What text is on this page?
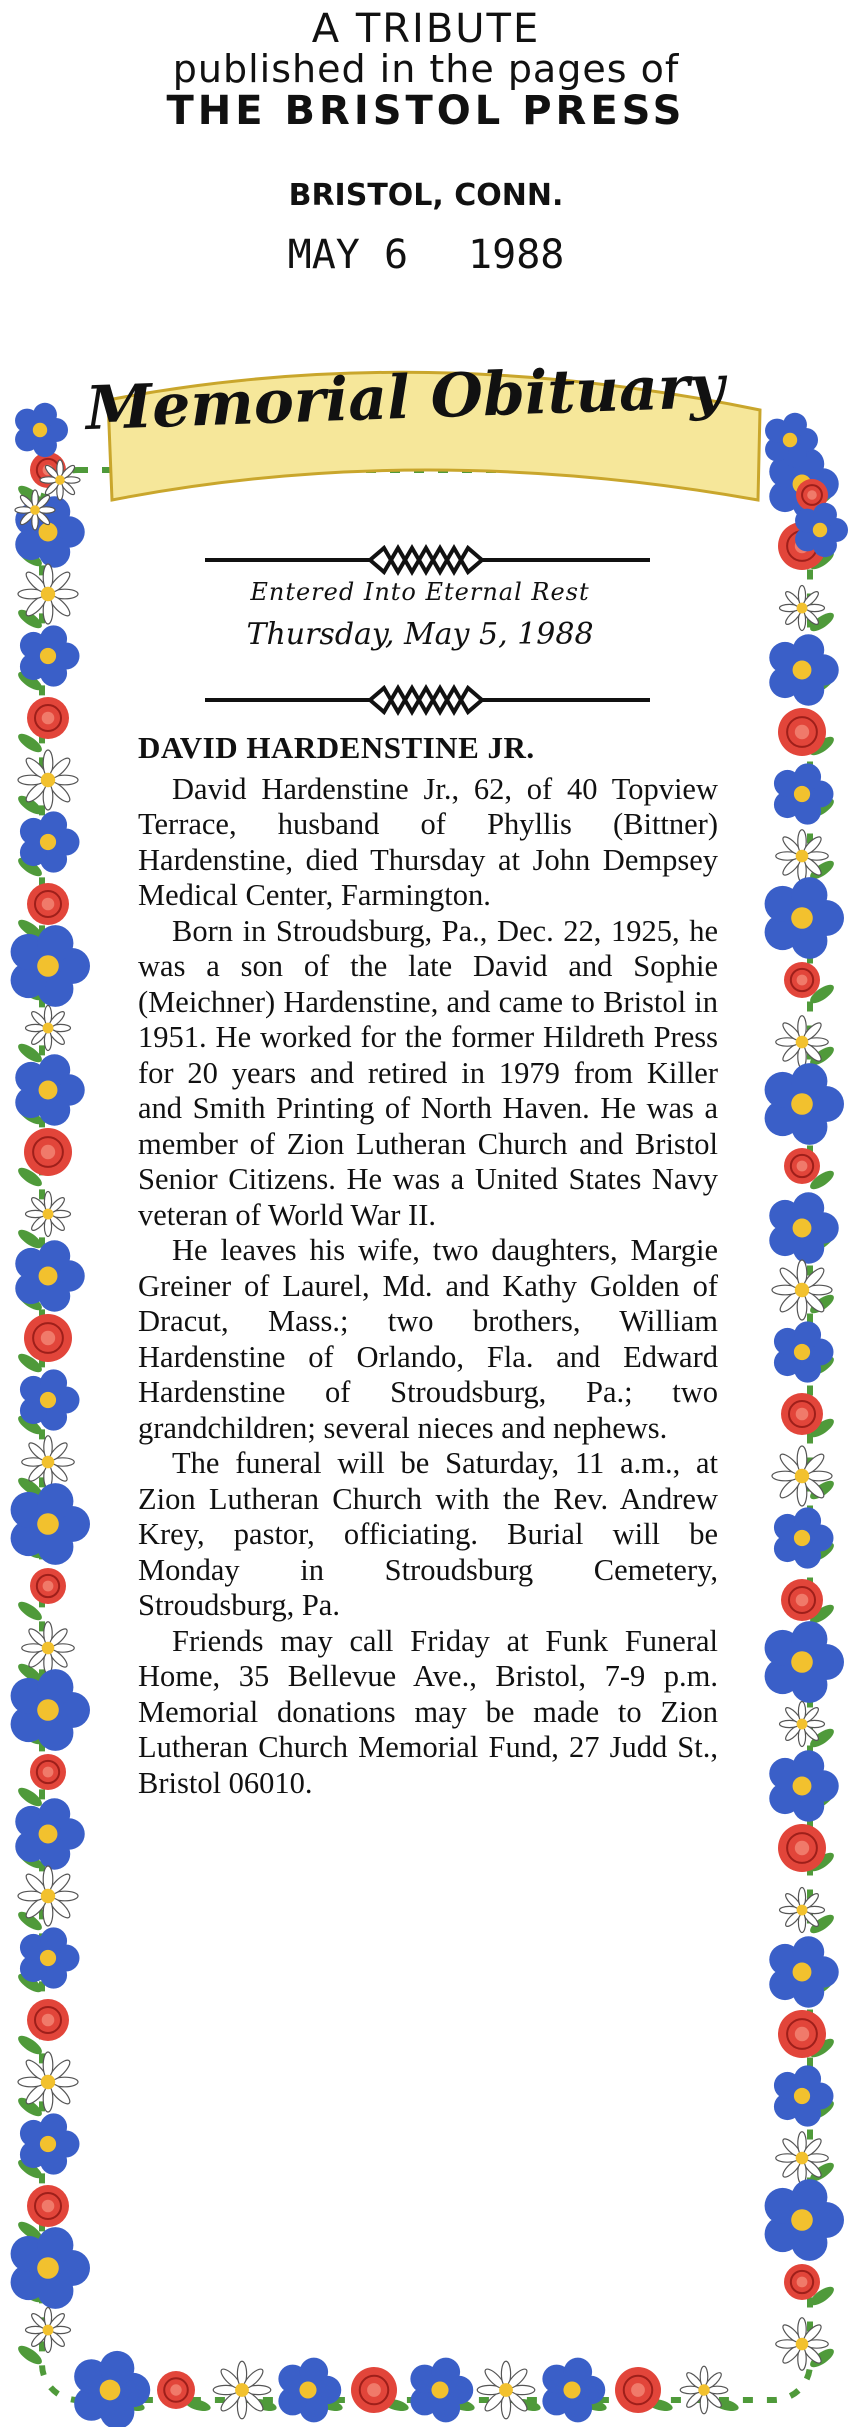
A TRIBUTE
published in the pages of
THE BRISTOL PRESS
BRISTOL, CONN.
MAY 6 1988
Memorial Obituary
Entered Into Eternal Rest
Thursday, May 5, 1988
DAVID HARDENSTINE JR.

David Hardenstine Jr., 62, of 40 Topview Terrace, husband of Phyllis (Bittner) Hardenstine, died Thursday at John Dempsey Medical Center, Farmington.

Born in Stroudsburg, Pa., Dec. 22, 1925, he was a son of the late David and Sophie (Meichner) Hardenstine, and came to Bristol in 1951. He worked for the former Hildreth Press for 20 years and retired in 1979 from Killer and Smith Printing of North Haven. He was a member of Zion Lutheran Church and Bristol Senior Citizens. He was a United States Navy veteran of World War II.

He leaves his wife, two daughters, Margie Greiner of Laurel, Md. and Kathy Golden of Dracut, Mass.; two brothers, William Hardenstine of Orlando, Fla. and Edward Hardenstine of Stroudsburg, Pa.; two grandchildren; several nieces and nephews.

The funeral will be Saturday, 11 a.m., at Zion Lutheran Church with the Rev. Andrew Krey, pastor, officiating. Burial will be Monday in Stroudsburg Cemetery, Stroudsburg, Pa.

Friends may call Friday at Funk Funeral Home, 35 Bellevue Ave., Bristol, 7-9 p.m. Memorial donations may be made to Zion Lutheran Church Memorial Fund, 27 Judd St., Bristol 06010.
